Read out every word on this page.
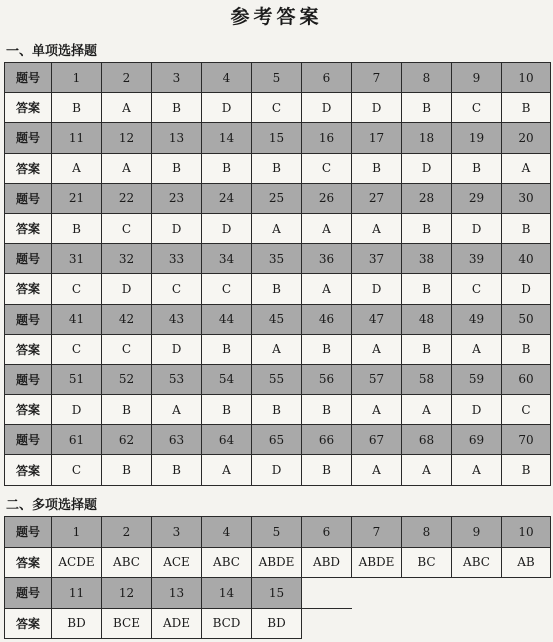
参考答案
一、单项选择题
题号	1	2	3	4	5	6	7	8	9	10
答案	B	A	B	D	C	D	D	B	C	B
题号	11	12	13	14	15	16	17	18	19	20
答案	A	A	B	B	B	C	B	D	B	A
题号	21	22	23	24	25	26	27	28	29	30
答案	B	C	D	D	A	A	A	B	D	B
题号	31	32	33	34	35	36	37	38	39	40
答案	C	D	C	C	B	A	D	B	C	D
题号	41	42	43	44	45	46	47	48	49	50
答案	C	C	D	B	A	B	A	B	A	B
题号	51	52	53	54	55	56	57	58	59	60
答案	D	B	A	B	B	B	A	A	D	C
题号	61	62	63	64	65	66	67	68	69	70
答案	C	B	B	A	D	B	A	A	A	B
二、多项选择题
题号	1	2	3	4	5	6	7	8	9	10
答案	ACDE	ABC	ACE	ABC	ABDE	ABD	ABDE	BC	ABC	AB
题号	11	12	13	14	15					
答案	BD	BCE	ADE	BCD	BD					
